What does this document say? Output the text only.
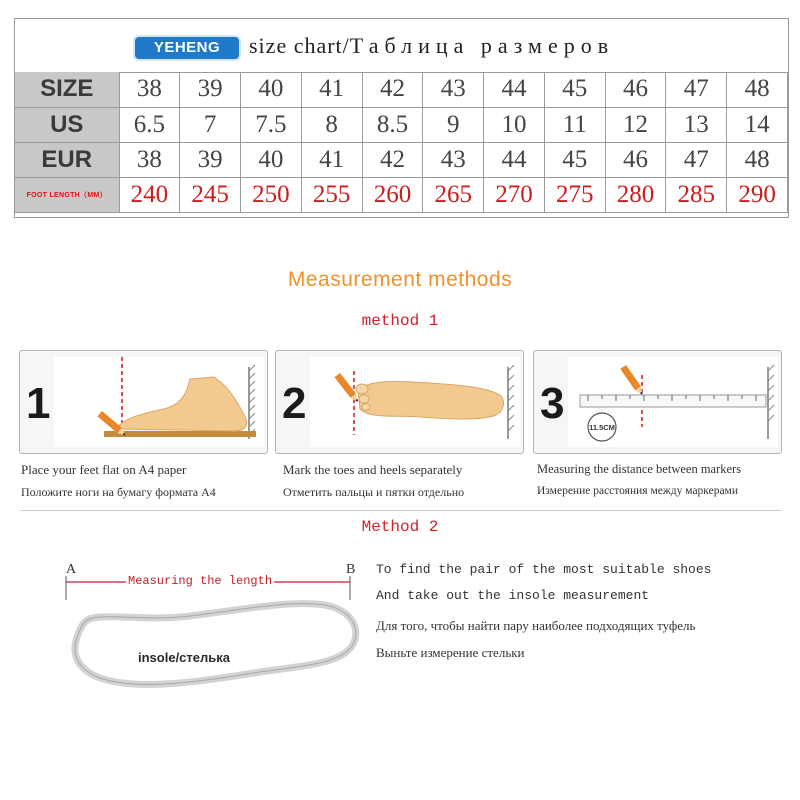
YEHENG	size chart/Таблица размеров
SIZE	38	39	40	41	42	43	44	45	46	47	48
US	6.5	7	7.5	8	8.5	9	10	11	12	13	14
EUR	38	39	40	41	42	43	44	45	46	47	48
FOOT LENGTH（MM）	240	245	250	255	260	265	270	275	280	285	290
Measurement methods
method 1
1	2	3	11.5CM
Place your feet flat on A4 paper
Положите ноги на бумагу формата A4
Mark the toes and heels separately
Отметить пальцы и пятки отдельно
Measuring the distance between markers
Измерение расстояния между маркерами
Method 2
A	B
Measuring the length
insole/стелька
To find the pair of the most suitable shoes
And take out the insole measurement
Для того, чтобы найти пару наиболее подходящих туфель
Выньте измерение стельки
